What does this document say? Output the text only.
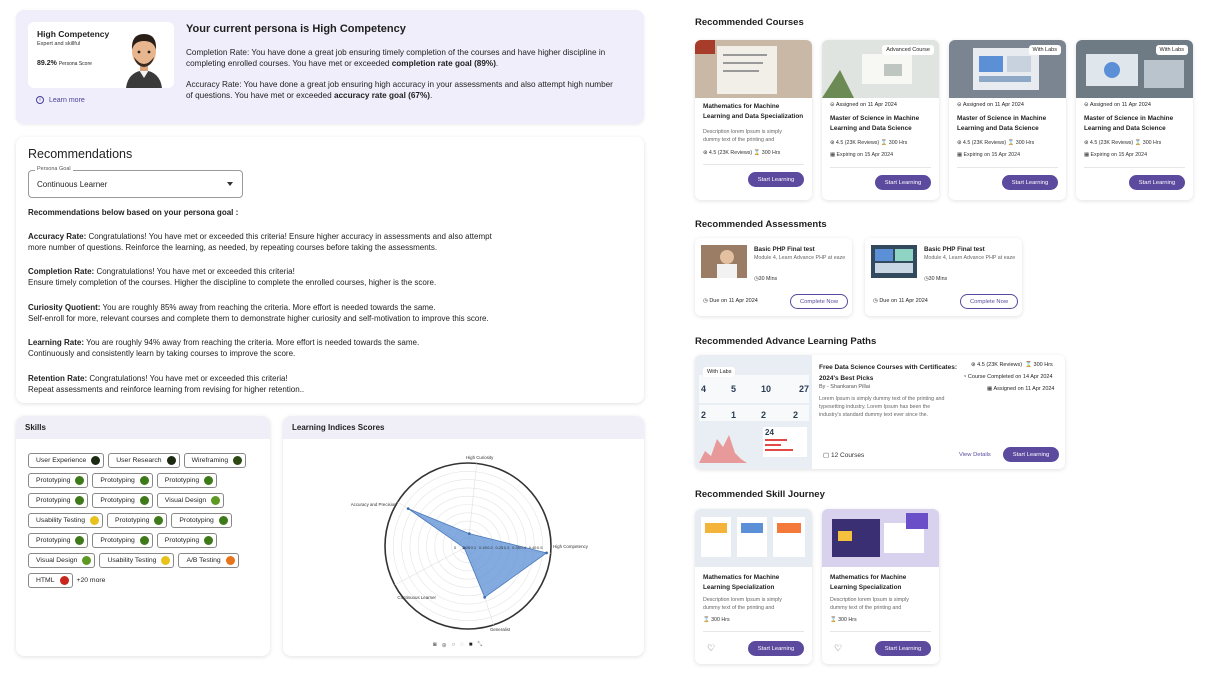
High Competency
Expert and skillful
89.2% Persona Score
i	Learn more
Your current persona is High Competency
Completion Rate: You have done a great job ensuring timely completion of the courses and have higher discipline in completing enrolled courses. You have met or exceeded completion rate goal (89%).
Accuracy Rate: You have done a great job ensuring high accuracy in your assessments and also attempt high number of questions. You have met or exceeded accuracy rate goal (67%).
Recommendations
Persona Goal
Continuous Learner
Recommendations below based on your persona goal :
Accuracy Rate: Congratulations! You have met or exceeded this criteria! Ensure higher accuracy in assessments and also attempt
more number of questions. Reinforce the learning, as needed, by repeating courses before taking the assessments.
Completion Rate: Congratulations! You have met or exceeded this criteria!
Ensure timely completion of the courses. Higher the discipline to complete the enrolled courses, higher is the score.
Curiosity Quotient: You are roughly 85% away from reaching the criteria. More effort is needed towards the same.
Self-enroll for more, relevant courses and complete them to demonstrate higher curiosity and self-motivation to improve this score.
Learning Rate: You are roughly 94% away from reaching the criteria. More effort is needed towards the same.
Continuously and consistently learn by taking courses to improve the score.
Retention Rate: Congratulations! You have met or exceeded this criteria!
Repeat assessments and reinforce learning from revising for higher retention..
Skills
User Experience	User Research	Wireframing
Prototyping	Prototyping	Prototyping
Prototyping	Prototyping	Visual Design
Usability Testing	Prototyping	Prototyping
Prototyping	Prototyping	Prototyping
Visual Design	Usability Testing	A/B Testing
HTML	+20 more
Learning Indices Scores
0 0.05 0.1 0.15 0.2 0.25 0.3 0.35 0.4 0.45 0.5
High Curiosity
High Competency
Generalist
Continuous Learner
Accuracy and Precision
◙ ⊕ ○ ◌ ■ ⤡
Recommended Courses
Mathematics for Machine Learning and Data Specialization
Description lorem Ipsum is simply dummy text of the printing and
⊛ 4.5 (23K Reviews) ⌛ 300 Hrs
Start Learning
Advanced Course
⊝ Assigned on 11 Apr 2024
Master of Science in Machine Learning and Data Science
⊛ 4.5 (23K Reviews) ⌛ 300 Hrs
▦ Expiring on 15 Apr 2024
Start Learning
With Labs
⊝ Assigned on 11 Apr 2024
Master of Science in Machine Learning and Data Science
⊛ 4.5 (23K Reviews) ⌛ 300 Hrs
▦ Expiring on 15 Apr 2024
Start Learning
With Labs
⊝ Assigned on 11 Apr 2024
Master of Science in Machine Learning and Data Science
⊛ 4.5 (23K Reviews) ⌛ 300 Hrs
▦ Expiring on 15 Apr 2024
Start Learning
Recommended Assessments
Basic PHP Final test
Module 4, Learn Advance PHP at eaze
◷30 Mins
◷ Due on 11 Apr 2024	Complete Now
Basic PHP Final test
Module 4, Learn Advance PHP at eaze
◷30 Mins
◷ Due on 11 Apr 2024	Complete Now
Recommended Advance Learning Paths
4	5	10	27
2	1	2	2
24
With Labs
Free Data Science Courses with Certificates:
2024's Best Picks
By - Shankaran Pillai
Lorem Ipsum is simply dummy text of the printing and typesetting industry. Lorem Ipsum has been the industry's standard dummy text ever since the.
⊛ 4.5 (23K Reviews) ⌛ 300 Hrs
◔ Course Completed on 14 Apr 2024
▦ Assigned on 11 Apr 2024
▢ 12 Courses	View Details	Start Learning
Recommended Skill Journey
Mathematics for Machine Learning Specialization
Description lorem Ipsum is simply dummy text of the printing and
⌛ 300 Hrs
♡	Start Learning
Mathematics for Machine Learning Specialization
Description lorem Ipsum is simply dummy text of the printing and
⌛ 300 Hrs
♡	Start Learning
